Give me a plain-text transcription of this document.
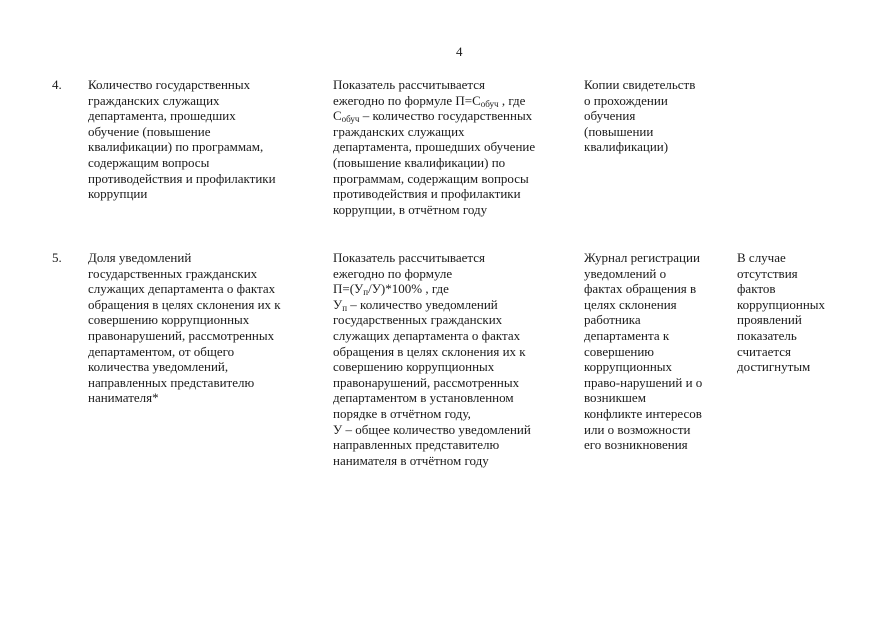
4
4.	Количество государственных
гражданских служащих
департамента, прошедших
обучение (повышение
квалификации) по программам,
содержащим вопросы
противодействия и профилактики
коррупции
Показатель рассчитывается
ежегодно по формуле $П=С_{обуч}$ , где
$С_{обуч}$ – количество государственных
гражданских служащих
департамента, прошедших обучение
(повышение квалификации) по
программам, содержащим вопросы
противодействия и профилактики
коррупции, в отчётном году
Копии свидетельств
о прохождении
обучения
(повышении
квалификации)
5.	Доля уведомлений
государственных гражданских
служащих департамента о фактах
обращения в целях склонения их к
совершению коррупционных
правонарушений, рассмотренных
департаментом, от общего
количества уведомлений,
направленных представителю
нанимателя*
Показатель рассчитывается
ежегодно по формуле
$П=(У_п/У)*100\%$ , где
$У_п$ – количество уведомлений
государственных гражданских
служащих департамента о фактах
обращения в целях склонения их к
совершению коррупционных
правонарушений, рассмотренных
департаментом в установленном
порядке в отчётном году,
У – общее количество уведомлений
направленных представителю
нанимателя в отчётном году
Журнал регистрации
уведомлений о
фактах обращения в
целях склонения
работника
департамента к
совершению
коррупционных
право-нарушений и о
возникшем
конфликте интересов
или о возможности
его возникновения
В случае
отсутствия
фактов
коррупционных
проявлений
показатель
считается
достигнутым
